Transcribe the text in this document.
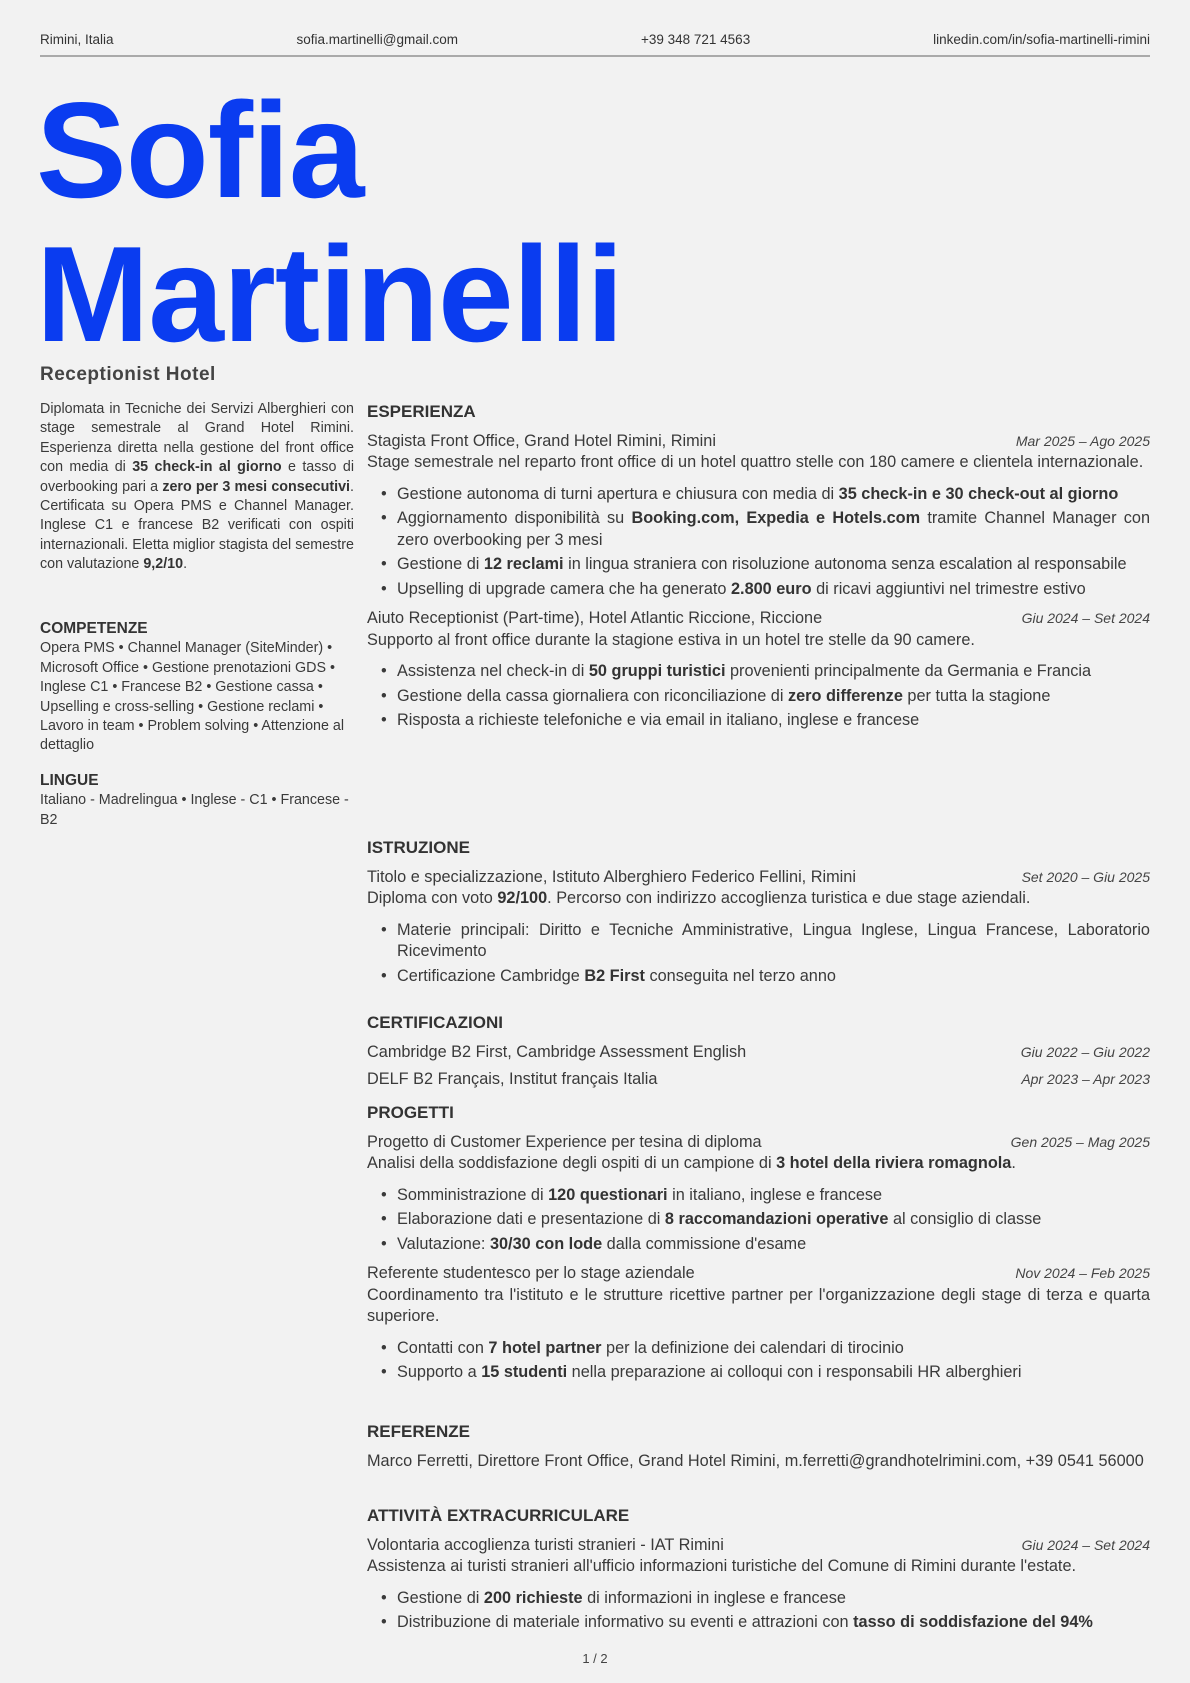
Rimini, Italia	sofia.martinelli@gmail.com	+39 348 721 4563	linkedin.com/in/sofia-martinelli-rimini
Sofia
Martinelli
Receptionist Hotel

Diplomata in Tecniche dei Servizi Alberghieri con stage semestrale al Grand Hotel Rimini. Esperienza diretta nella gestione del front office con media di 35 check-in al giorno e tasso di overbooking pari a zero per 3 mesi consecutivi. Certificata su Opera PMS e Channel Manager. Inglese C1 e francese B2 verificati con ospiti internazionali. Eletta miglior stagista del semestre con valutazione 9,2/10.

COMPETENZE
Opera PMS • Channel Manager (SiteMinder) • Microsoft Office • Gestione prenotazioni GDS • Inglese C1 • Francese B2 • Gestione cassa • Upselling e cross-selling • Gestione reclami • Lavoro in team • Problem solving • Attenzione al dettaglio
LINGUE
Italiano - Madrelingua • Inglese - C1 • Francese - B2
ESPERIENZA
Stagista Front Office, Grand Hotel Rimini, Rimini	Mar 2025 – Ago 2025
Stage semestrale nel reparto front office di un hotel quattro stelle con 180 camere e clientela internazionale.
• Gestione autonoma di turni apertura e chiusura con media di 35 check-in e 30 check-out al giorno
• Aggiornamento disponibilità su Booking.com, Expedia e Hotels.com tramite Channel Manager con zero overbooking per 3 mesi
• Gestione di 12 reclami in lingua straniera con risoluzione autonoma senza escalation al responsabile
• Upselling di upgrade camera che ha generato 2.800 euro di ricavi aggiuntivi nel trimestre estivo
Aiuto Receptionist (Part-time), Hotel Atlantic Riccione, Riccione	Giu 2024 – Set 2024
Supporto al front office durante la stagione estiva in un hotel tre stelle da 90 camere.
• Assistenza nel check-in di 50 gruppi turistici provenienti principalmente da Germania e Francia
• Gestione della cassa giornaliera con riconciliazione di zero differenze per tutta la stagione
• Risposta a richieste telefoniche e via email in italiano, inglese e francese
ISTRUZIONE
Titolo e specializzazione, Istituto Alberghiero Federico Fellini, Rimini	Set 2020 – Giu 2025
Diploma con voto 92/100. Percorso con indirizzo accoglienza turistica e due stage aziendali.
• Materie principali: Diritto e Tecniche Amministrative, Lingua Inglese, Lingua Francese, Laboratorio Ricevimento
• Certificazione Cambridge B2 First conseguita nel terzo anno
CERTIFICAZIONI
Cambridge B2 First, Cambridge Assessment English	Giu 2022 – Giu 2022
DELF B2 Français, Institut français Italia	Apr 2023 – Apr 2023
PROGETTI
Progetto di Customer Experience per tesina di diploma	Gen 2025 – Mag 2025
Analisi della soddisfazione degli ospiti di un campione di 3 hotel della riviera romagnola.
• Somministrazione di 120 questionari in italiano, inglese e francese
• Elaborazione dati e presentazione di 8 raccomandazioni operative al consiglio di classe
• Valutazione: 30/30 con lode dalla commissione d'esame
Referente studentesco per lo stage aziendale	Nov 2024 – Feb 2025
Coordinamento tra l'istituto e le strutture ricettive partner per l'organizzazione degli stage di terza e quarta superiore.
• Contatti con 7 hotel partner per la definizione dei calendari di tirocinio
• Supporto a 15 studenti nella preparazione ai colloqui con i responsabili HR alberghieri
REFERENZE
Marco Ferretti, Direttore Front Office, Grand Hotel Rimini, m.ferretti@grandhotelrimini.com, +39 0541 56000
ATTIVITÀ EXTRACURRICULARE
Volontaria accoglienza turisti stranieri - IAT Rimini	Giu 2024 – Set 2024
Assistenza ai turisti stranieri all'ufficio informazioni turistiche del Comune di Rimini durante l'estate.
• Gestione di 200 richieste di informazioni in inglese e francese
• Distribuzione di materiale informativo su eventi e attrazioni con tasso di soddisfazione del 94%
1 / 2
